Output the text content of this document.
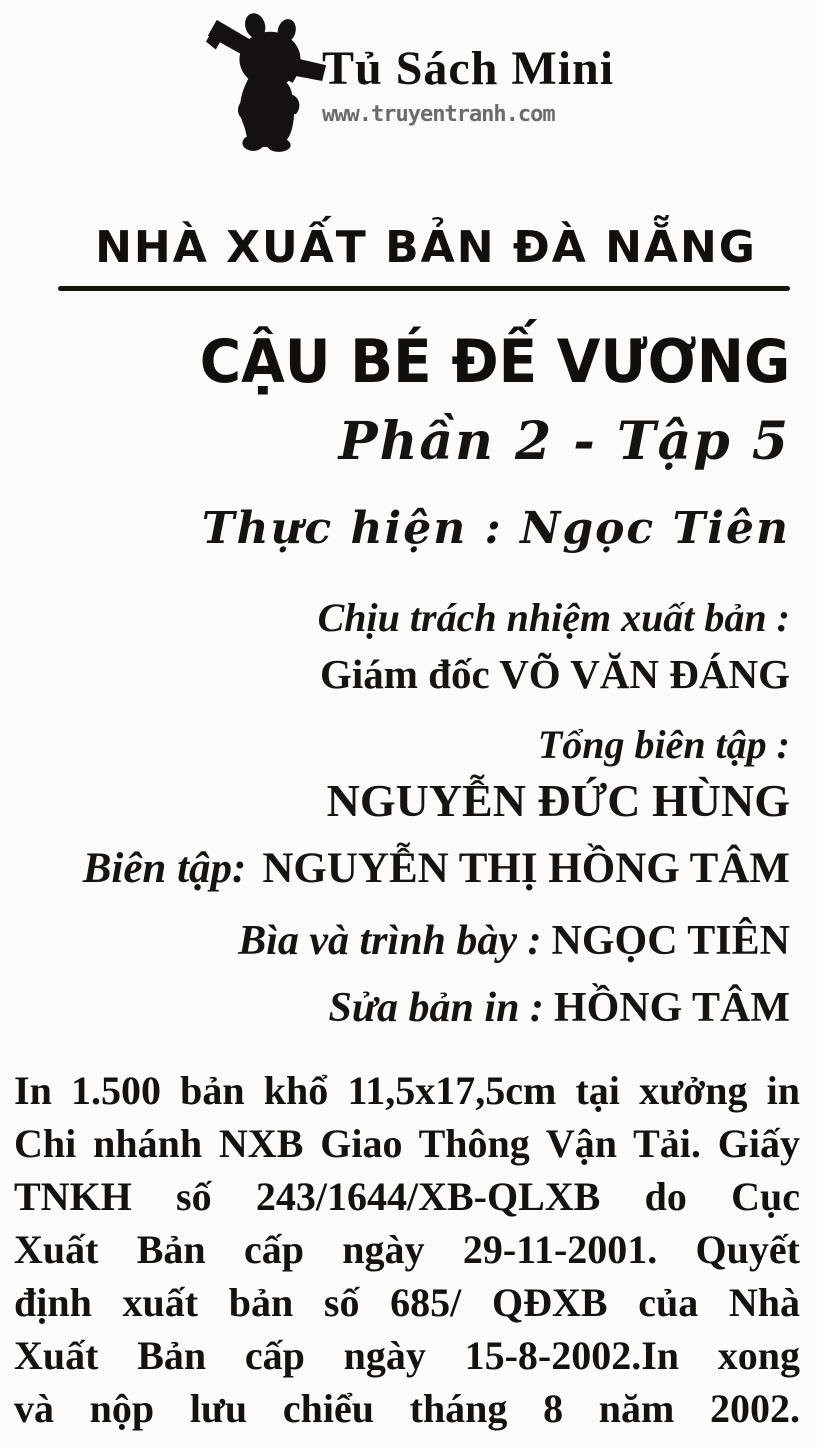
Tủ Sách Mini
www.truyentranh.com
NHÀ XUẤT BẢN ĐÀ NẴNG
CẬU BÉ ĐẾ VƯƠNG
Phần 2 - Tập 5
Thực hiện : Ngọc Tiên
Chịu trách nhiệm xuất bản :
Giám đốc VÕ VĂN ĐÁNG
Tổng biên tập :
NGUYỄN ĐỨC HÙNG
Biên tập: NGUYỄN THỊ HỒNG TÂM
Bìa và trình bày : NGỌC TIÊN
Sửa bản in : HỒNG TÂM
In 1.500 bản khổ 11,5x17,5cm tại xưởng in
Chi nhánh NXB Giao Thông Vận Tải. Giấy
TNKH số 243/1644/XB-QLXB do Cục
Xuất Bản cấp ngày 29-11-2001. Quyết
định xuất bản số 685/ QĐXB của Nhà
Xuất Bản cấp ngày 15-8-2002.In xong
và nộp lưu chiểu tháng 8 năm 2002.
